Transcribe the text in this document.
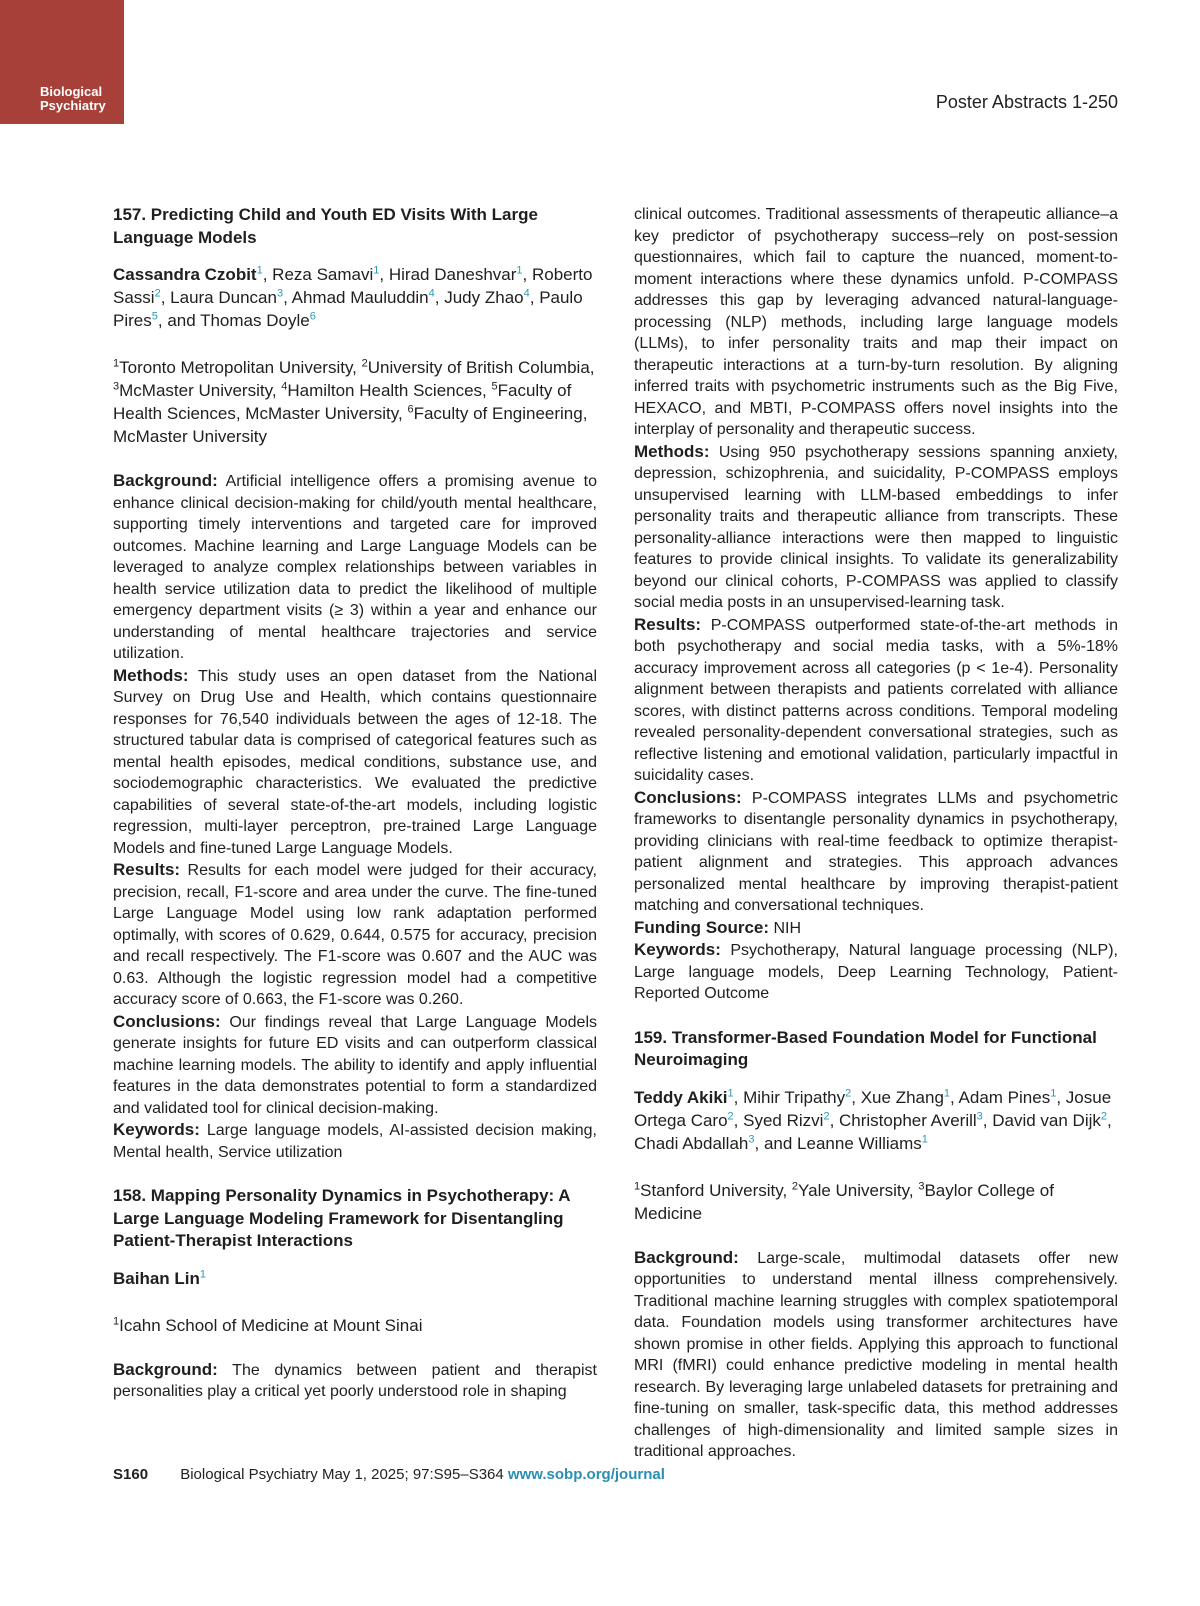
Biological
Psychiatry	Poster Abstracts 1-250
157. Predicting Child and Youth ED Visits With Large Language Models
Cassandra Czobit$^1$, Reza Samavi$^1$, Hirad Daneshvar$^1$, Roberto Sassi$^2$, Laura Duncan$^3$, Ahmad Mauluddin$^4$, Judy Zhao$^4$, Paulo Pires$^5$, and Thomas Doyle$^6$
$^1$Toronto Metropolitan University, $^2$University of British Columbia, $^3$McMaster University, $^4$Hamilton Health Sciences, $^5$Faculty of Health Sciences, McMaster University, $^6$Faculty of Engineering, McMaster University

Background: Artificial intelligence offers a promising avenue to enhance clinical decision-making for child/youth mental healthcare, supporting timely interventions and targeted care for improved outcomes. Machine learning and Large Language Models can be leveraged to analyze complex relationships between variables in health service utilization data to predict the likelihood of multiple emergency department visits (≥ 3) within a year and enhance our understanding of mental healthcare trajectories and service utilization.

Methods: This study uses an open dataset from the National Survey on Drug Use and Health, which contains questionnaire responses for 76,540 individuals between the ages of 12-18. The structured tabular data is comprised of categorical features such as mental health episodes, medical conditions, substance use, and sociodemographic characteristics. We evaluated the predictive capabilities of several state-of-the-art models, including logistic regression, multi-layer perceptron, pre-trained Large Language Models and fine-tuned Large Language Models.

Results: Results for each model were judged for their accuracy, precision, recall, F1-score and area under the curve. The fine-tuned Large Language Model using low rank adaptation performed optimally, with scores of 0.629, 0.644, 0.575 for accuracy, precision and recall respectively. The F1-score was 0.607 and the AUC was 0.63. Although the logistic regression model had a competitive accuracy score of 0.663, the F1-score was 0.260.

Conclusions: Our findings reveal that Large Language Models generate insights for future ED visits and can outperform classical machine learning models. The ability to identify and apply influential features in the data demonstrates potential to form a standardized and validated tool for clinical decision-making.

Keywords: Large language models, AI-assisted decision making, Mental health, Service utilization

158. Mapping Personality Dynamics in Psychotherapy: A Large Language Modeling Framework for Disentangling Patient-Therapist Interactions
Baihan Lin$^1$
$^1$Icahn School of Medicine at Mount Sinai

Background: The dynamics between patient and therapist personalities play a critical yet poorly understood role in shaping

clinical outcomes. Traditional assessments of therapeutic alliance–a key predictor of psychotherapy success–rely on post-session questionnaires, which fail to capture the nuanced, moment-to-moment interactions where these dynamics unfold. P-COMPASS addresses this gap by leveraging advanced natural-language-processing (NLP) methods, including large language models (LLMs), to infer personality traits and map their impact on therapeutic interactions at a turn-by-turn resolution. By aligning inferred traits with psychometric instruments such as the Big Five, HEXACO, and MBTI, P-COMPASS offers novel insights into the interplay of personality and therapeutic success.

Methods: Using 950 psychotherapy sessions spanning anxiety, depression, schizophrenia, and suicidality, P-COMPASS employs unsupervised learning with LLM-based embeddings to infer personality traits and therapeutic alliance from transcripts. These personality-alliance interactions were then mapped to linguistic features to provide clinical insights. To validate its generalizability beyond our clinical cohorts, P-COMPASS was applied to classify social media posts in an unsupervised-learning task.

Results: P-COMPASS outperformed state-of-the-art methods in both psychotherapy and social media tasks, with a 5%-18% accuracy improvement across all categories (p < 1e-4). Personality alignment between therapists and patients correlated with alliance scores, with distinct patterns across conditions. Temporal modeling revealed personality-dependent conversational strategies, such as reflective listening and emotional validation, particularly impactful in suicidality cases.

Conclusions: P-COMPASS integrates LLMs and psychometric frameworks to disentangle personality dynamics in psychotherapy, providing clinicians with real-time feedback to optimize therapist-patient alignment and strategies. This approach advances personalized mental healthcare by improving therapist-patient matching and conversational techniques.

Funding Source: NIH

Keywords: Psychotherapy, Natural language processing (NLP), Large language models, Deep Learning Technology, Patient-Reported Outcome

159. Transformer-Based Foundation Model for Functional Neuroimaging
Teddy Akiki$^1$, Mihir Tripathy$^2$, Xue Zhang$^1$, Adam Pines$^1$, Josue Ortega Caro$^2$, Syed Rizvi$^2$, Christopher Averill$^3$, David van Dijk$^2$, Chadi Abdallah$^3$, and Leanne Williams$^1$
$^1$Stanford University, $^2$Yale University, $^3$Baylor College of Medicine

Background: Large-scale, multimodal datasets offer new opportunities to understand mental illness comprehensively. Traditional machine learning struggles with complex spatiotemporal data. Foundation models using transformer architectures have shown promise in other fields. Applying this approach to functional MRI (fMRI) could enhance predictive modeling in mental health research. By leveraging large unlabeled datasets for pretraining and fine-tuning on smaller, task-specific data, this method addresses challenges of high-dimensionality and limited sample sizes in traditional approaches.

S160 Biological Psychiatry May 1, 2025; 97:S95–S364 www.sobp.org/journal
